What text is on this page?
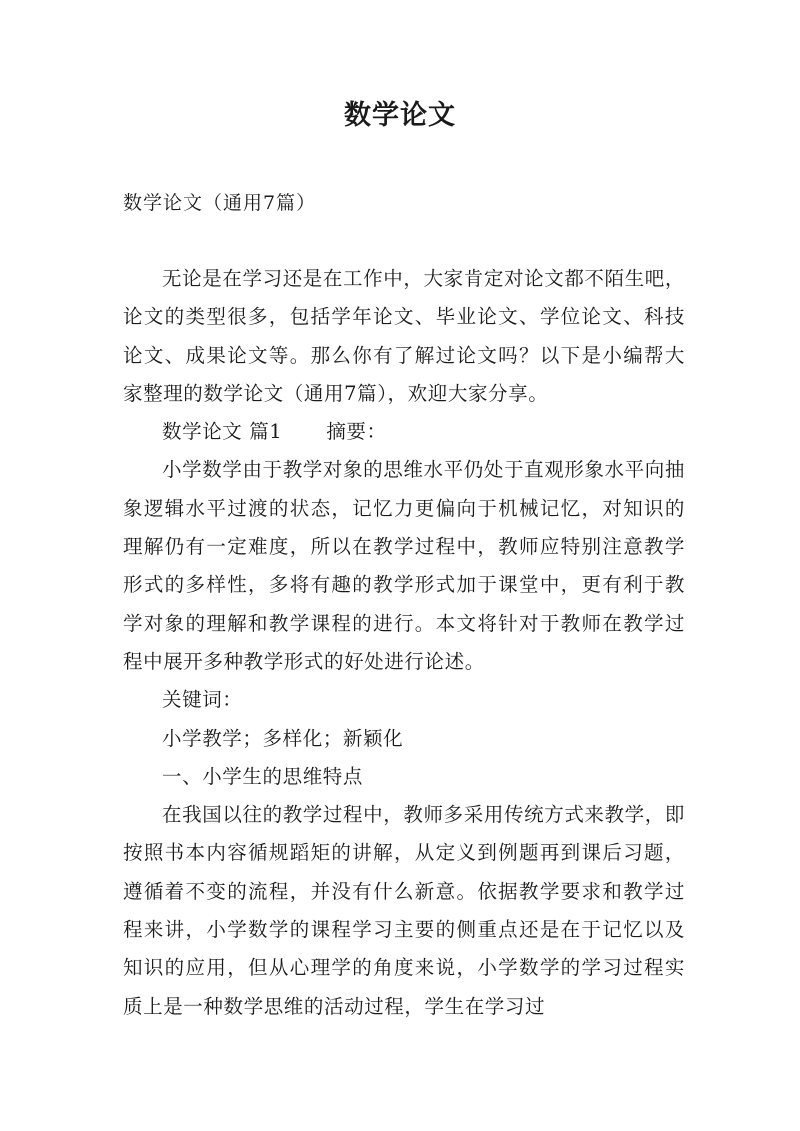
数学论文
数学论文（通用7篇）

无论是在学习还是在工作中，大家肯定对论文都不陌生吧，论文的类型很多，包括学年论文、毕业论文、学位论文、科技论文、成果论文等。那么你有了解过论文吗？以下是小编帮大家整理的数学论文（通用7篇），欢迎大家分享。

数学论文 篇1 摘要：

小学数学由于教学对象的思维水平仍处于直观形象水平向抽象逻辑水平过渡的状态，记忆力更偏向于机械记忆，对知识的理解仍有一定难度，所以在教学过程中，教师应特别注意教学形式的多样性，多将有趣的教学形式加于课堂中，更有利于教学对象的理解和教学课程的进行。本文将针对于教师在教学过程中展开多种教学形式的好处进行论述。

关键词：

小学教学；多样化；新颖化

一、小学生的思维特点

在我国以往的教学过程中，教师多采用传统方式来教学，即按照书本内容循规蹈矩的讲解，从定义到例题再到课后习题，遵循着不变的流程，并没有什么新意。依据教学要求和教学过程来讲，小学数学的课程学习主要的侧重点还是在于记忆以及知识的应用，但从心理学的角度来说，小学数学的学习过程实质上是一种数学思维的活动过程，学生在学习过
